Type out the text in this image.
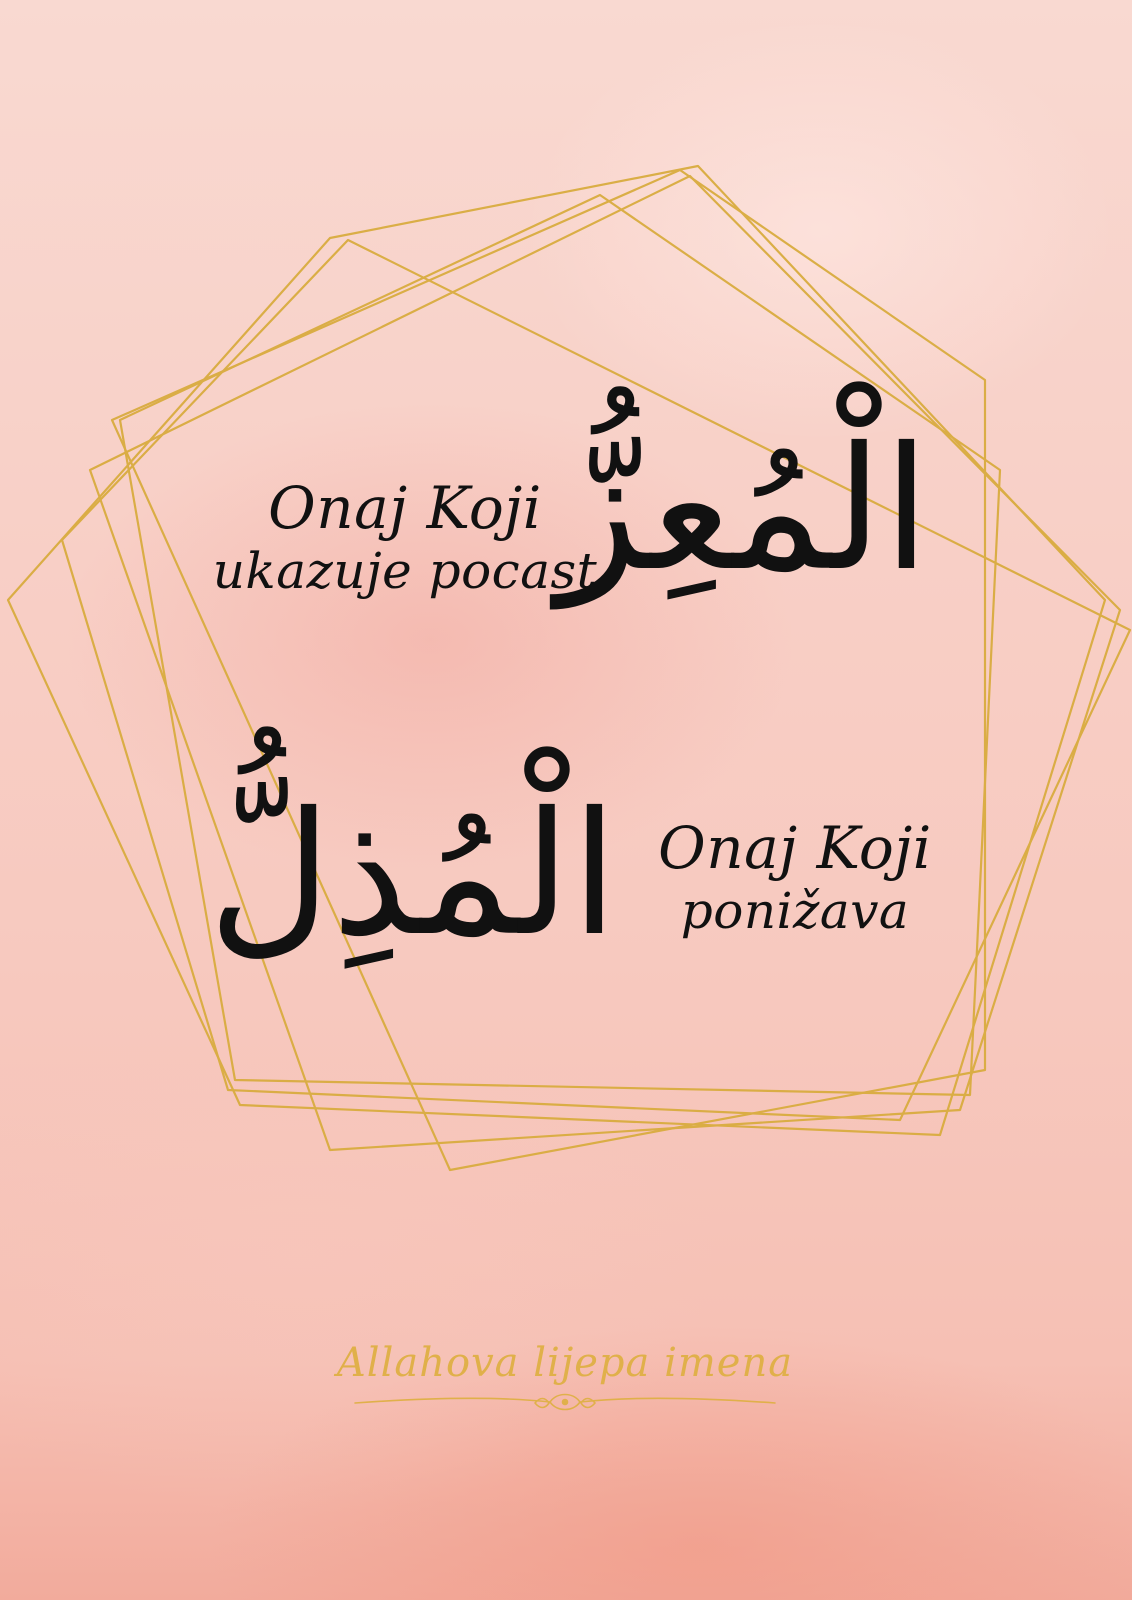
Onaj Koji
ukazuje pocast
الْمُعِزُّ
الْمُذِلُّ Onaj Koji
ponižava
Allahova lijepa imena
